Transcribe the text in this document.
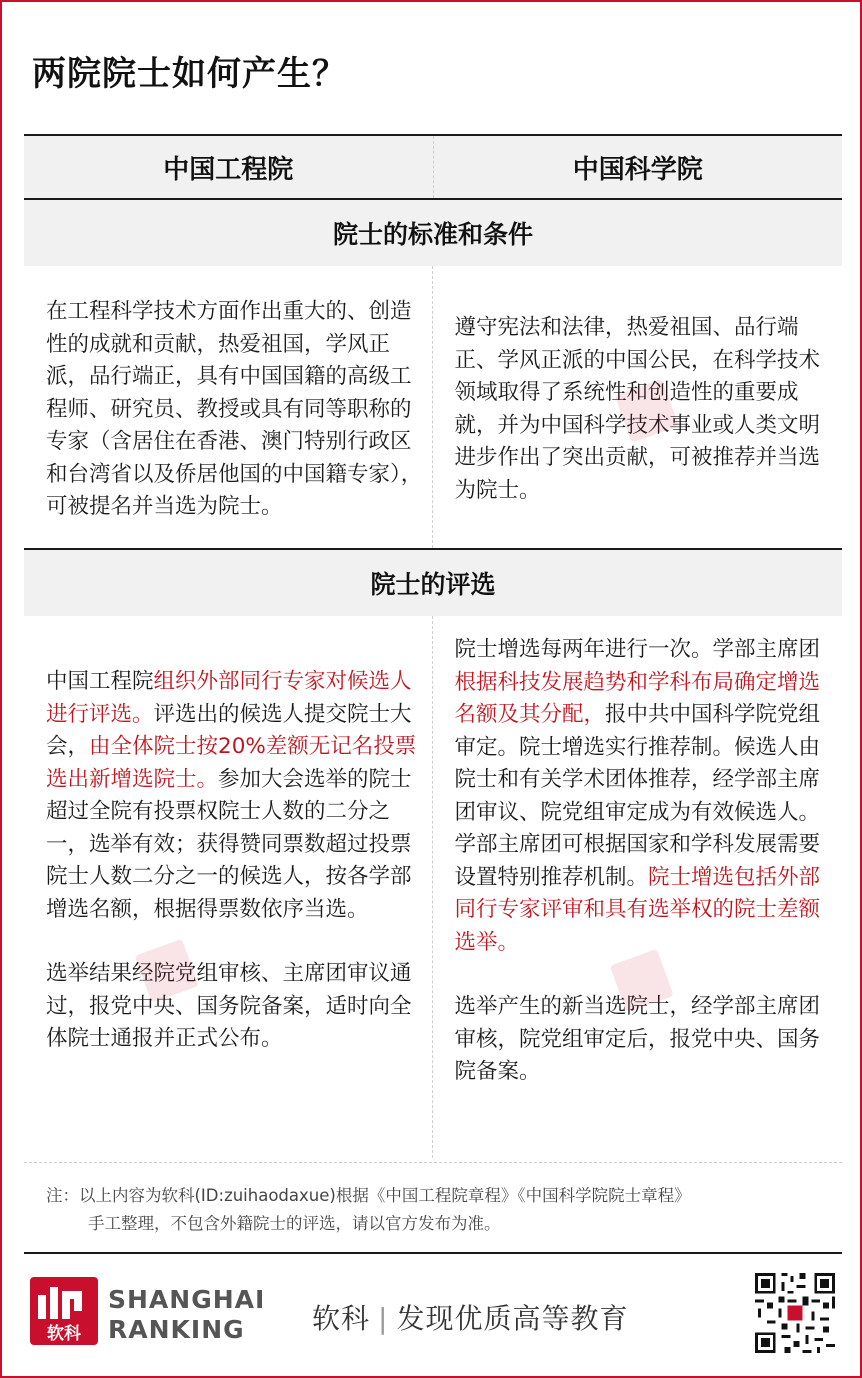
两院院士如何产生？
中国工程院	中国科学院
院士的标准和条件
在工程科学技术方面作出重大的、创造性的成就和贡献，热爱祖国，学风正派，品行端正，具有中国国籍的高级工程师、研究员、教授或具有同等职称的专家（含居住在香港、澳门特别行政区和台湾省以及侨居他国的中国籍专家），可被提名并当选为院士。
遵守宪法和法律，热爱祖国、品行端正、学风正派的中国公民，在科学技术领域取得了系统性和创造性的重要成就，并为中国科学技术事业或人类文明进步作出了突出贡献，可被推荐并当选为院士。
院士的评选

中国工程院组织外部同行专家对候选人进行评选。评选出的候选人提交院士大会，由全体院士按20%差额无记名投票选出新增选院士。参加大会选举的院士超过全院有投票权院士人数的二分之一，选举有效；获得赞同票数超过投票院士人数二分之一的候选人，按各学部增选名额，根据得票数依序当选。

选举结果经院党组审核、主席团审议通过，报党中央、国务院备案，适时向全体院士通报并正式公布。

院士增选每两年进行一次。学部主席团根据科技发展趋势和学科布局确定增选名额及其分配，报中共中国科学院党组审定。院士增选实行推荐制。候选人由院士和有关学术团体推荐，经学部主席团审议、院党组审定成为有效候选人。学部主席团可根据国家和学科发展需要设置特别推荐机制。院士增选包括外部同行专家评审和具有选举权的院士差额选举。

选举产生的新当选院士，经学部主席团审核，院党组审定后，报党中央、国务院备案。

注：以上内容为软科(ID:zuihaodaxue)根据《中国工程院章程》《中国科学院院士章程》
手工整理，不包含外籍院士的评选，请以官方发布为准。
软科
SHANGHAI
RANKING	软科 | 发现优质高等教育
